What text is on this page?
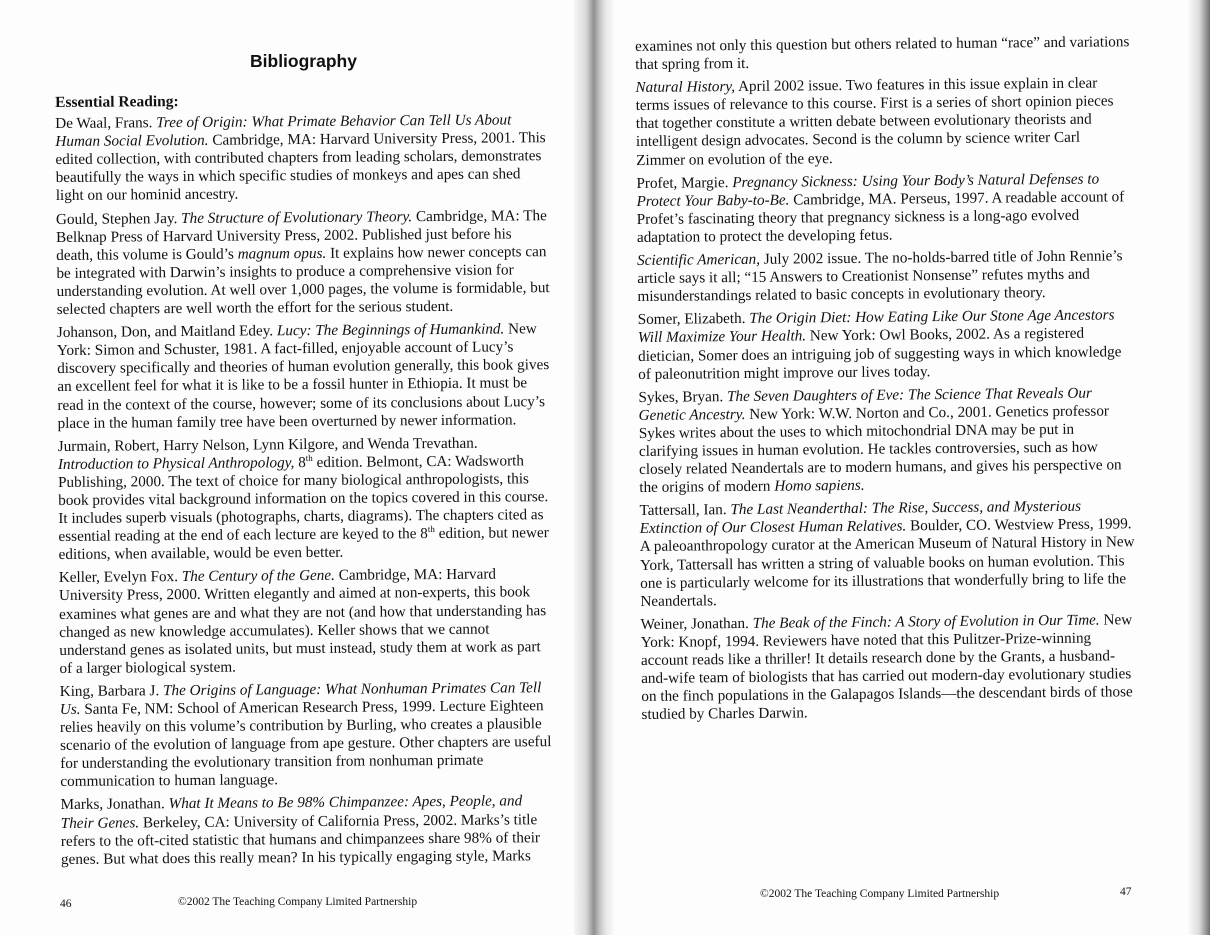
Bibliography
Essential Reading:
De Waal, Frans. Tree of Origin: What Primate Behavior Can Tell Us About Human Social Evolution. Cambridge, MA: Harvard University Press, 2001. This edited collection, with contributed chapters from leading scholars, demonstrates beautifully the ways in which specific studies of monkeys and apes can shed light on our hominid ancestry.
Gould, Stephen Jay. The Structure of Evolutionary Theory. Cambridge, MA: The Belknap Press of Harvard University Press, 2002. Published just before his death, this volume is Gould’s magnum opus. It explains how newer concepts can be integrated with Darwin’s insights to produce a comprehensive vision for understanding evolution. At well over 1,000 pages, the volume is formidable, but selected chapters are well worth the effort for the serious student.
Johanson, Don, and Maitland Edey. Lucy: The Beginnings of Humankind. New York: Simon and Schuster, 1981. A fact-filled, enjoyable account of Lucy’s discovery specifically and theories of human evolution generally, this book gives an excellent feel for what it is like to be a fossil hunter in Ethiopia. It must be read in the context of the course, however; some of its conclusions about Lucy’s place in the human family tree have been overturned by newer information.
Jurmain, Robert, Harry Nelson, Lynn Kilgore, and Wenda Trevathan. Introduction to Physical Anthropology, 8th edition. Belmont, CA: Wadsworth Publishing, 2000. The text of choice for many biological anthropologists, this book provides vital background information on the topics covered in this course. It includes superb visuals (photographs, charts, diagrams). The chapters cited as essential reading at the end of each lecture are keyed to the 8th edition, but newer editions, when available, would be even better.
Keller, Evelyn Fox. The Century of the Gene. Cambridge, MA: Harvard University Press, 2000. Written elegantly and aimed at non-experts, this book examines what genes are and what they are not (and how that understanding has changed as new knowledge accumulates). Keller shows that we cannot understand genes as isolated units, but must instead, study them at work as part of a larger biological system.
King, Barbara J. The Origins of Language: What Nonhuman Primates Can Tell Us. Santa Fe, NM: School of American Research Press, 1999. Lecture Eighteen relies heavily on this volume’s contribution by Burling, who creates a plausible scenario of the evolution of language from ape gesture. Other chapters are useful for understanding the evolutionary transition from nonhuman primate communication to human language.
Marks, Jonathan. What It Means to Be 98% Chimpanzee: Apes, People, and Their Genes. Berkeley, CA: University of California Press, 2002. Marks’s title refers to the oft-cited statistic that humans and chimpanzees share 98% of their genes. But what does this really mean? In his typically engaging style, Marks
examines not only this question but others related to human “race” and variations that spring from it.
Natural History, April 2002 issue. Two features in this issue explain in clear terms issues of relevance to this course. First is a series of short opinion pieces that together constitute a written debate between evolutionary theorists and intelligent design advocates. Second is the column by science writer Carl Zimmer on evolution of the eye.
Profet, Margie. Pregnancy Sickness: Using Your Body’s Natural Defenses to Protect Your Baby-to-Be. Cambridge, MA. Perseus, 1997. A readable account of Profet’s fascinating theory that pregnancy sickness is a long-ago evolved adaptation to protect the developing fetus.
Scientific American, July 2002 issue. The no-holds-barred title of John Rennie’s article says it all; “15 Answers to Creationist Nonsense” refutes myths and misunderstandings related to basic concepts in evolutionary theory.
Somer, Elizabeth. The Origin Diet: How Eating Like Our Stone Age Ancestors Will Maximize Your Health. New York: Owl Books, 2002. As a registered dietician, Somer does an intriguing job of suggesting ways in which knowledge of paleonutrition might improve our lives today.
Sykes, Bryan. The Seven Daughters of Eve: The Science That Reveals Our Genetic Ancestry. New York: W.W. Norton and Co., 2001. Genetics professor Sykes writes about the uses to which mitochondrial DNA may be put in clarifying issues in human evolution. He tackles controversies, such as how closely related Neandertals are to modern humans, and gives his perspective on the origins of modern Homo sapiens.
Tattersall, Ian. The Last Neanderthal: The Rise, Success, and Mysterious Extinction of Our Closest Human Relatives. Boulder, CO. Westview Press, 1999. A paleoanthropology curator at the American Museum of Natural History in New York, Tattersall has written a string of valuable books on human evolution. This one is particularly welcome for its illustrations that wonderfully bring to life the Neandertals.
Weiner, Jonathan. The Beak of the Finch: A Story of Evolution in Our Time. New York: Knopf, 1994. Reviewers have noted that this Pulitzer-Prize-winning account reads like a thriller! It details research done by the Grants, a husband-and-wife team of biologists that has carried out modern-day evolutionary studies on the finch populations in the Galapagos Islands—the descendant birds of those studied by Charles Darwin.
46	©2002 The Teaching Company Limited Partnership
©2002 The Teaching Company Limited Partnership	47
